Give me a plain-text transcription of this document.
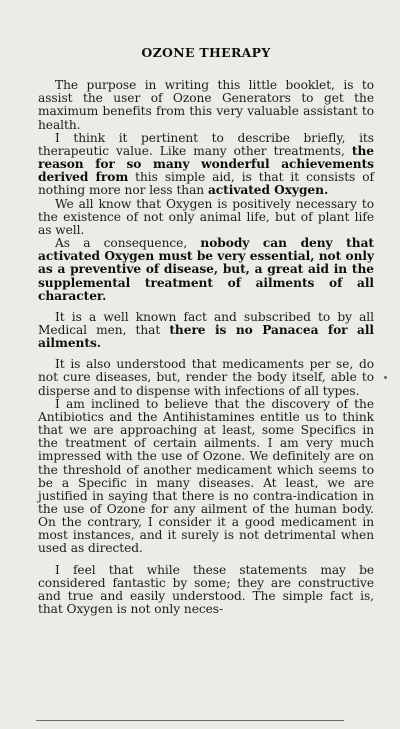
OZONE THERAPY

The purpose in writing this little booklet, is to assist the user of Ozone Generators to get the maximum benefits from this very valuable assistant to health.

I think it pertinent to describe briefly, its therapeutic value. Like many other treatments, the reason for so many wonderful achievements derived from this simple aid, is that it consists of nothing more nor less than activated Oxygen.

We all know that Oxygen is positively necessary to the existence of not only animal life, but of plant life as well.

As a consequence, nobody can deny that activated Oxygen must be very essential, not only as a preventive of disease, but, a great aid in the supplemental treatment of ailments of all character.

It is a well known fact and subscribed to by all Medical men, that there is no Panacea for all ailments.

It is also understood that medicaments per se, do not cure diseases, but, render the body itself, able to disperse and to dispense with infections of all types.

I am inclined to believe that the discovery of the Antibiotics and the Antihistamines entitle us to think that we are approaching at least, some Specifics in the treatment of certain ailments. I am very much impressed with the use of Ozone. We definitely are on the threshold of another medicament which seems to be a Specific in many diseases. At least, we are justified in saying that there is no contra-indication in the use of Ozone for any ailment of the human body. On the contrary, I consider it a good medicament in most instances, and it surely is not detrimental when used as directed.

I feel that while these statements may be considered fantastic by some; they are constructive and true and easily understood. The simple fact is, that Oxygen is not only neces-
